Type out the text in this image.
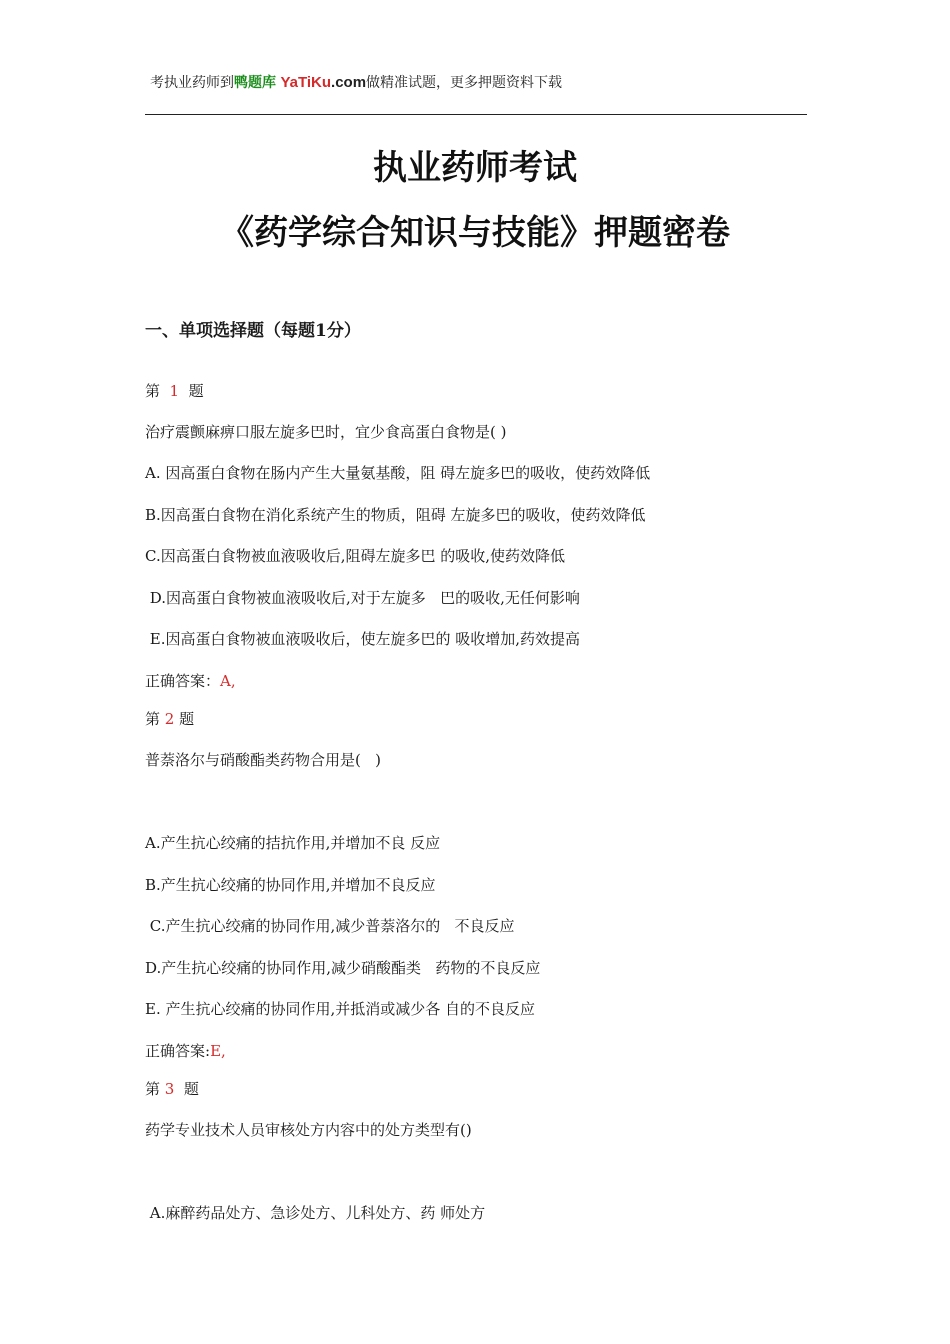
考执业药师到鸭题库 YaTiKu.com做精准试题，更多押题资料下载
执业药师考试
《药学综合知识与技能》押题密卷
一、单项选择题（每题1分）
第  1  题
治疗震颤麻痹口服左旋多巴时，宜少食高蛋白食物是( )
A. 因高蛋白食物在肠内产生大量氨基酸，阻 碍左旋多巴的吸收，使药效降低
B.因高蛋白食物在消化系统产生的物质，阻碍 左旋多巴的吸收，使药效降低
C.因高蛋白食物被血液吸收后,阻碍左旋多巴 的吸收,使药效降低
D.因高蛋白食物被血液吸收后,对于左旋多   巴的吸收,无任何影响
E.因高蛋白食物被血液吸收后，使左旋多巴的 吸收增加,药效提高
正确答案：A,
第 2 题
普萘洛尔与硝酸酯类药物合用是(   )
A.产生抗心绞痛的拮抗作用,并增加不良 反应
B.产生抗心绞痛的协同作用,并增加不良反应
C.产生抗心绞痛的协同作用,减少普萘洛尔的   不良反应
D.产生抗心绞痛的协同作用,减少硝酸酯类   药物的不良反应
E. 产生抗心绞痛的协同作用,并抵消或减少各 自的不良反应
正确答案:E,
第 3  题
药学专业技术人员审核处方内容中的处方类型有()
A.麻醉药品处方、急诊处方、儿科处方、药 师处方
